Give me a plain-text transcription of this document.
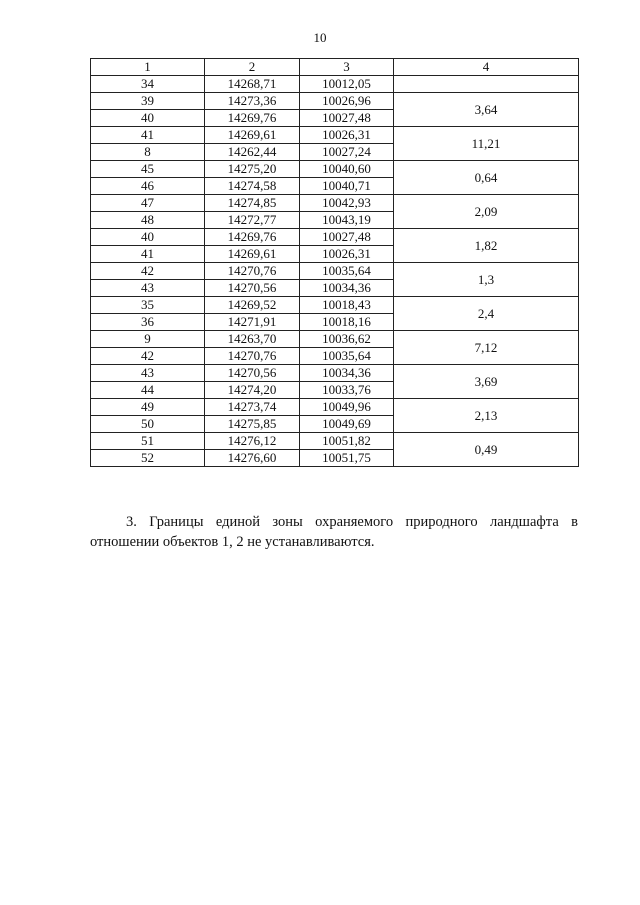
10
1	2	3	4
34	14268,71	10012,05	
39	14273,36	10026,96	3,64
40	14269,76	10027,48	
41	14269,61	10026,31	11,21
8	14262,44	10027,24	
45	14275,20	10040,60	0,64
46	14274,58	10040,71	
47	14274,85	10042,93	2,09
48	14272,77	10043,19	
40	14269,76	10027,48	1,82
41	14269,61	10026,31	
42	14270,76	10035,64	1,3
43	14270,56	10034,36	
35	14269,52	10018,43	2,4
36	14271,91	10018,16	
9	14263,70	10036,62	7,12
42	14270,76	10035,64	
43	14270,56	10034,36	3,69
44	14274,20	10033,76	
49	14273,74	10049,96	2,13
50	14275,85	10049,69	
51	14276,12	10051,82	0,49
52	14276,60	10051,75	

3. Границы единой зоны охраняемого природного ландшафта в отношении объектов 1, 2 не устанавливаются.
